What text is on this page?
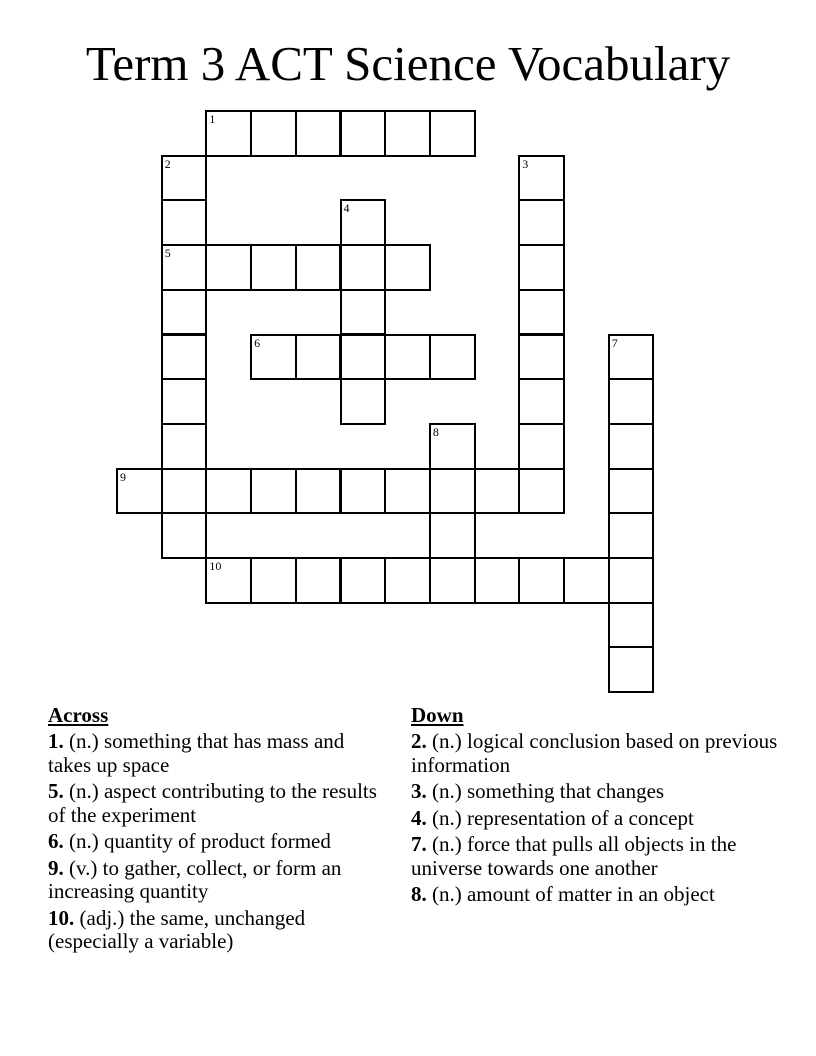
Term 3 ACT Science Vocabulary
1
2
5
3
4
6	7
8
9
10
Across
1. (n.) something that has mass and takes up space
5. (n.) aspect contributing to the results of the experiment
6. (n.) quantity of product formed
9. (v.) to gather, collect, or form an increasing quantity
10. (adj.) the same, unchanged (especially a variable)
Down
2. (n.) logical conclusion based on previous information
3. (n.) something that changes
4. (n.) representation of a concept
7. (n.) force that pulls all objects in the universe towards one another
8. (n.) amount of matter in an object
